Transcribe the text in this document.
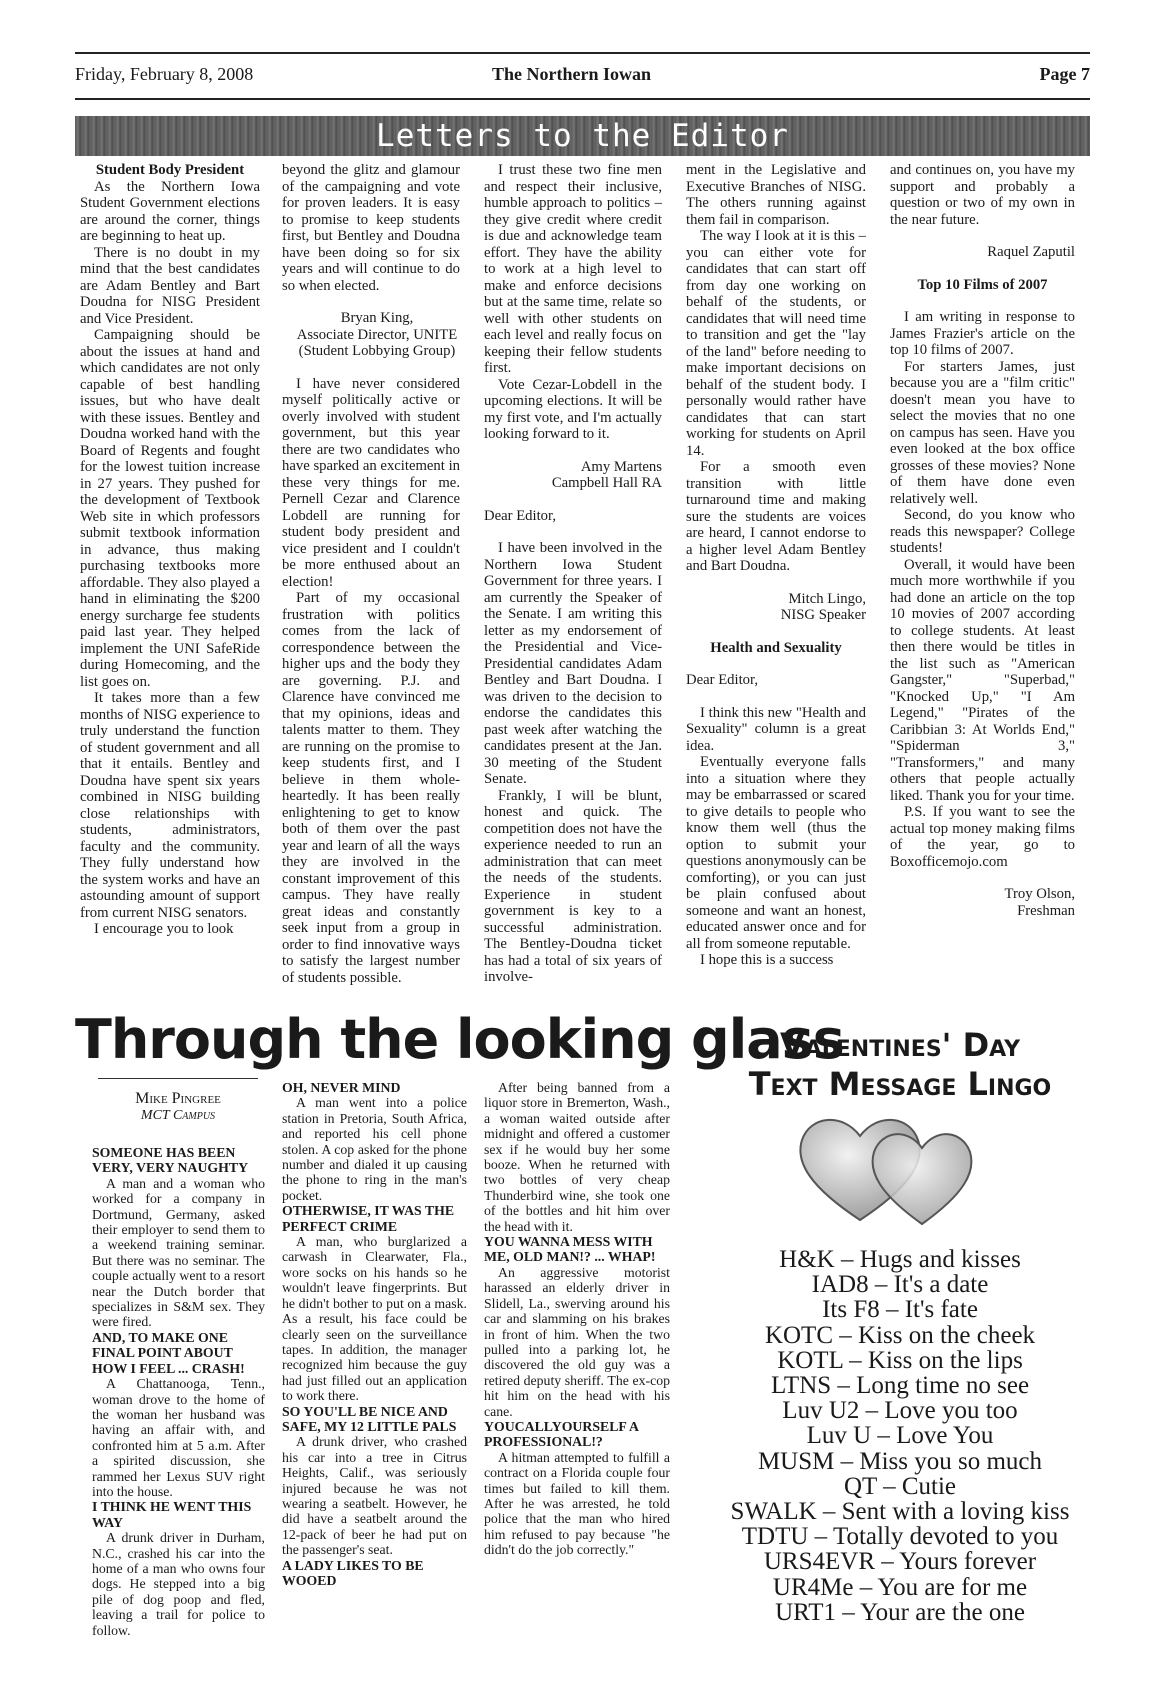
Friday, February 8, 2008	The Northern Iowan	Page 7
Letters to the Editor

Student Body President

As the Northern Iowa Student Government elections are around the corner, things are beginning to heat up.

There is no doubt in my mind that the best candidates are Adam Bentley and Bart Doudna for NISG President and Vice President.

Campaigning should be about the issues at hand and which candidates are not only capable of best handling issues, but who have dealt with these issues. Bentley and Doudna worked hand with the Board of Regents and fought for the lowest tuition increase in 27 years. They pushed for the development of Textbook Web site in which professors submit textbook information in advance, thus making purchasing textbooks more affordable. They also played a hand in eliminating the $200 energy surcharge fee students paid last year. They helped implement the UNI SafeRide during Homecoming, and the list goes on.

It takes more than a few months of NISG experience to truly understand the function of student government and all that it entails. Bentley and Doudna have spent six years combined in NISG building close relationships with students, administrators, faculty and the community. They fully understand how the system works and have an astounding amount of support from current NISG senators.

I encourage you to look

beyond the glitz and glamour of the campaigning and vote for proven leaders. It is easy to promise to keep students first, but Bentley and Doudna have been doing so for six years and will continue to do so when elected.

Bryan King,
Associate Director, UNITE
(Student Lobbying Group)

I have never considered myself politically active or overly involved with student government, but this year there are two candidates who have sparked an excitement in these very things for me. Pernell Cezar and Clarence Lobdell are running for student body president and vice president and I couldn't be more enthused about an election!

Part of my occasional frustration with politics comes from the lack of correspondence between the higher ups and the body they are governing. P.J. and Clarence have convinced me that my opinions, ideas and talents matter to them. They are running on the promise to keep students first, and I believe in them whole-heartedly. It has been really enlightening to get to know both of them over the past year and learn of all the ways they are involved in the constant improvement of this campus. They have really great ideas and constantly seek input from a group in order to find innovative ways to satisfy the largest number of students possible.

I trust these two fine men and respect their inclusive, humble approach to politics – they give credit where credit is due and acknowledge team effort. They have the ability to work at a high level to make and enforce decisions but at the same time, relate so well with other students on each level and really focus on keeping their fellow students first.

Vote Cezar-Lobdell in the upcoming elections. It will be my first vote, and I'm actually looking forward to it.

Amy Martens
Campbell Hall RA

Dear Editor,

I have been involved in the Northern Iowa Student Government for three years. I am currently the Speaker of the Senate. I am writing this letter as my endorsement of the Presidential and Vice-Presidential candidates Adam Bentley and Bart Doudna. I was driven to the decision to endorse the candidates this past week after watching the candidates present at the Jan. 30 meeting of the Student Senate.

Frankly, I will be blunt, honest and quick. The competition does not have the experience needed to run an administration that can meet the needs of the students. Experience in student government is key to a successful administration. The Bentley-Doudna ticket has had a total of six years of involve-

ment in the Legislative and Executive Branches of NISG. The others running against them fail in comparison.

The way I look at it is this – you can either vote for candidates that can start off from day one working on behalf of the students, or candidates that will need time to transition and get the "lay of the land" before needing to make important decisions on behalf of the student body. I personally would rather have candidates that can start working for students on April 14.

For a smooth even transition with little turnaround time and making sure the students are voices are heard, I cannot endorse to a higher level Adam Bentley and Bart Doudna.

Mitch Lingo,
NISG Speaker

Health and Sexuality

Dear Editor,

I think this new "Health and Sexuality" column is a great idea.

Eventually everyone falls into a situation where they may be embarrassed or scared to give details to people who know them well (thus the option to submit your questions anonymously can be comforting), or you can just be plain confused about someone and want an honest, educated answer once and for all from someone reputable.

I hope this is a success

and continues on, you have my support and probably a question or two of my own in the near future.

Raquel Zaputil

Top 10 Films of 2007

I am writing in response to James Frazier's article on the top 10 films of 2007.

For starters James, just because you are a "film critic" doesn't mean you have to select the movies that no one on campus has seen. Have you even looked at the box office grosses of these movies? None of them have done even relatively well.

Second, do you know who reads this newspaper? College students!

Overall, it would have been much more worthwhile if you had done an article on the top 10 movies of 2007 according to college students. At least then there would be titles in the list such as "American Gangster," "Superbad," "Knocked Up," "I Am Legend," "Pirates of the Caribbian 3: At Worlds End," "Spiderman 3," "Transformers," and many others that people actually liked. Thank you for your time.

P.S. If you want to see the actual top money making films of the year, go to Boxofficemojo.com

Troy Olson,
Freshman

Through the looking glass
Mike Pingree
MCT Campus

SOMEONE HAS BEEN VERY, VERY NAUGHTY

A man and a woman who worked for a company in Dortmund, Germany, asked their employer to send them to a weekend training seminar. But there was no seminar. The couple actually went to a resort near the Dutch border that specializes in S&M sex. They were fired.

AND, TO MAKE ONE FINAL POINT ABOUT HOW I FEEL ... CRASH!

A Chattanooga, Tenn., woman drove to the home of the woman her husband was having an affair with, and confronted him at 5 a.m. After a spirited discussion, she rammed her Lexus SUV right into the house.

I THINK HE WENT THIS WAY

A drunk driver in Durham, N.C., crashed his car into the home of a man who owns four dogs. He stepped into a big pile of dog poop and fled, leaving a trail for police to follow.

OH, NEVER MIND

A man went into a police station in Pretoria, South Africa, and reported his cell phone stolen. A cop asked for the phone number and dialed it up causing the phone to ring in the man's pocket.

OTHERWISE, IT WAS THE PERFECT CRIME

A man, who burglarized a carwash in Clearwater, Fla., wore socks on his hands so he wouldn't leave fingerprints. But he didn't bother to put on a mask. As a result, his face could be clearly seen on the surveillance tapes. In addition, the manager recognized him because the guy had just filled out an application to work there.

SO YOU'LL BE NICE AND SAFE, MY 12 LITTLE PALS

A drunk driver, who crashed his car into a tree in Citrus Heights, Calif., was seriously injured because he was not wearing a seatbelt. However, he did have a seatbelt around the 12-pack of beer he had put on the passenger's seat.

A LADY LIKES TO BE WOOED

After being banned from a liquor store in Bremerton, Wash., a woman waited outside after midnight and offered a customer sex if he would buy her some booze. When he returned with two bottles of very cheap Thunderbird wine, she took one of the bottles and hit him over the head with it.

YOU WANNA MESS WITH ME, OLD MAN!? ... WHAP!

An aggressive motorist harassed an elderly driver in Slidell, La., swerving around his car and slamming on his brakes in front of him. When the two pulled into a parking lot, he discovered the old guy was a retired deputy sheriff. The ex-cop hit him on the head with his cane.

YOUCALLYOURSELF A PROFESSIONAL!?

A hitman attempted to fulfill a contract on a Florida couple four times but failed to kill them. After he was arrested, he told police that the man who hired him refused to pay because "he didn't do the job correctly."

Valentines' Day
Text Message Lingo
H&K – Hugs and kisses
IAD8 – It's a date
Its F8 – It's fate
KOTC – Kiss on the cheek
KOTL – Kiss on the lips
LTNS – Long time no see
Luv U2 – Love you too
Luv U – Love You
MUSM – Miss you so much
QT – Cutie
SWALK – Sent with a loving kiss
TDTU – Totally devoted to you
URS4EVR – Yours forever
UR4Me – You are for me
URT1 – Your are the one
